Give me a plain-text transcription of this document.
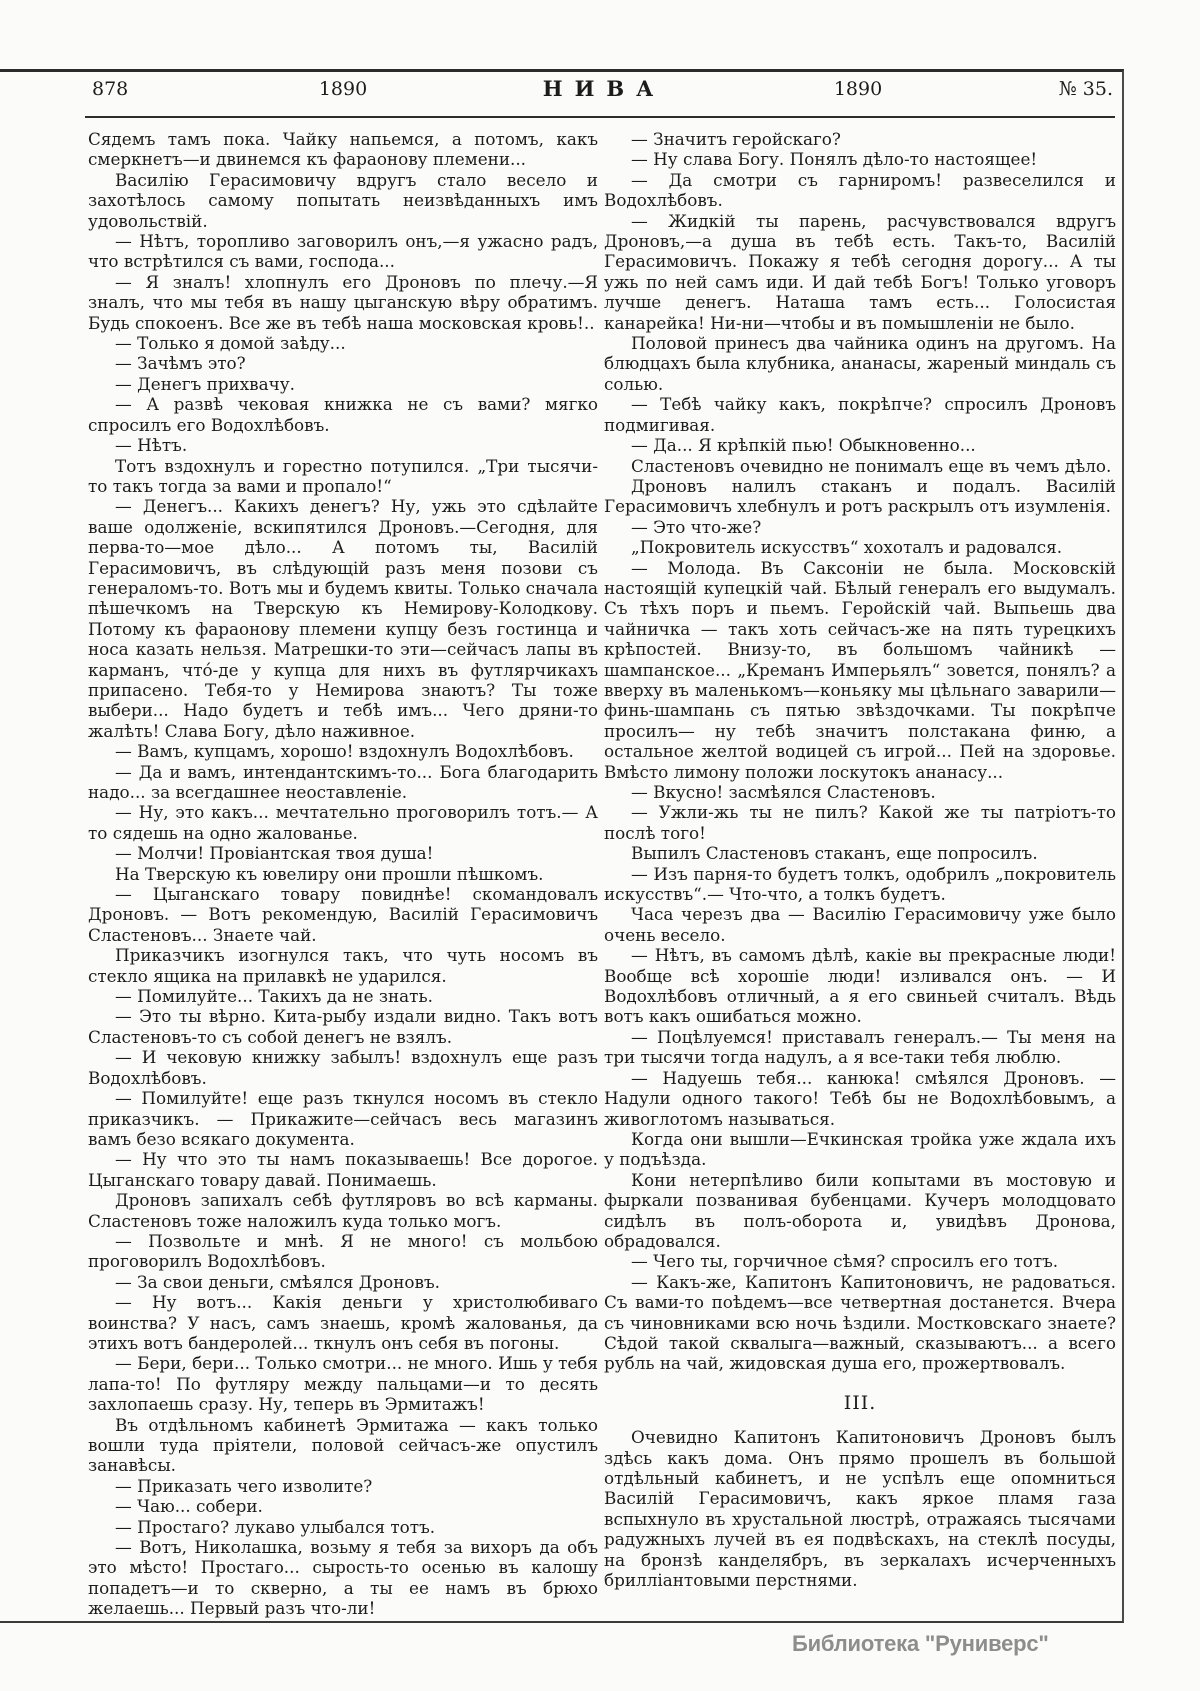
878	1890	НИВА	1890	№ 35.

Сядемъ тамъ пока. Чайку напьемся, а потомъ, какъ смеркнетъ—и двинемся къ фараонову племени...

Василію Герасимовичу вдругъ стало весело и захотѣлось самому попытать неизвѣданныхъ имъ удовольствій.

— Нѣтъ, торопливо заговорилъ онъ,—я ужасно радъ, что встрѣтился съ вами, господа...

— Я зналъ! хлопнулъ его Дроновъ по плечу.—Я зналъ, что мы тебя въ нашу цыганскую вѣру обратимъ. Будь спокоенъ. Все же въ тебѣ наша московская кровь!..

— Только я домой заѣду...

— Зачѣмъ это?

— Денегъ прихвачу.

— А развѣ чековая книжка не съ вами? мягко спросилъ его Водохлѣбовъ.

— Нѣтъ.

Тотъ вздохнулъ и горестно потупился. „Три тысячи-то такъ тогда за вами и пропало!“

— Денегъ... Какихъ денегъ? Ну, ужь это сдѣлайте ваше одолженіе, вскипятился Дроновъ.—Сегодня, для перва-то—мое дѣло... А потомъ ты, Василій Герасимовичъ, въ слѣдующій разъ меня позови съ генераломъ-то. Вотъ мы и будемъ квиты. Только сначала пѣшечкомъ на Тверскую къ Немирову-Колодкову. Потому къ фараонову племени купцу безъ гостинца и носа казать нельзя. Матрешки-то эти—сейчасъ лапы въ карманъ, что́-де у купца для нихъ въ футлярчикахъ припасено. Тебя-то у Немирова знаютъ? Ты тоже выбери... Надо будетъ и тебѣ имъ... Чего дряни-то жалѣть! Слава Богу, дѣло наживное.

— Вамъ, купцамъ, хорошо! вздохнулъ Водохлѣбовъ.

— Да и вамъ, интендантскимъ-то... Бога благодарить надо... за всегдашнее неоставленіе.

— Ну, это какъ... мечтательно проговорилъ тотъ.— А то сядешь на одно жалованье.

— Молчи! Провіантская твоя душа!

На Тверскую къ ювелиру они прошли пѣшкомъ.

— Цыганскаго товару повиднѣе! скомандовалъ Дроновъ. — Вотъ рекомендую, Василій Герасимовичъ Сластеновъ... Знаете чай.

Приказчикъ изогнулся такъ, что чуть носомъ въ стекло ящика на прилавкѣ не ударился.

— Помилуйте... Такихъ да не знать.

— Это ты вѣрно. Кита-рыбу издали видно. Такъ вотъ Сластеновъ-то съ собой денегъ не взялъ.

— И чековую книжку забылъ! вздохнулъ еще разъ Водохлѣбовъ.

— Помилуйте! еще разъ ткнулся носомъ въ стекло приказчикъ. — Прикажите—сейчасъ весь магазинъ вамъ безо всякаго документа.

— Ну что это ты намъ показываешь! Все дорогое. Цыганскаго товару давай. Понимаешь.

Дроновъ запихалъ себѣ футляровъ во всѣ карманы. Сластеновъ тоже наложилъ куда только могъ.

— Позвольте и мнѣ. Я не много! съ мольбою проговорилъ Водохлѣбовъ.

— За свои деньги, смѣялся Дроновъ.

— Ну вотъ... Какія деньги у христолюбиваго воинства? У насъ, самъ знаешь, кромѣ жалованья, да этихъ вотъ бандеролей... ткнулъ онъ себя въ погоны.

— Бери, бери... Только смотри... не много. Ишь у тебя лапа-то! По футляру между пальцами—и то десять захлопаешь сразу. Ну, теперь въ Эрмитажъ!

Въ отдѣльномъ кабинетѣ Эрмитажа — какъ только вошли туда пріятели, половой сейчасъ-же опустилъ занавѣсы.

— Приказать чего изволите?

— Чаю... собери.

— Простаго? лукаво улыбался тотъ.

— Вотъ, Николашка, возьму я тебя за вихоръ да объ это мѣсто! Простаго... сырость-то осенью въ калошу попадетъ—и то скверно, а ты ее намъ въ брюхо желаешь... Первый разъ что-ли!

— Значитъ геройскаго?

— Ну слава Богу. Понялъ дѣло-то настоящее!

— Да смотри съ гарниромъ! развеселился и Водохлѣбовъ.

— Жидкій ты парень, расчувствовался вдругъ Дроновъ,—а душа въ тебѣ есть. Такъ-то, Василій Герасимовичъ. Покажу я тебѣ сегодня дорогу... А ты ужь по ней самъ иди. И дай тебѣ Богъ! Только уговоръ лучше денегъ. Наташа тамъ есть... Голосистая канарейка! Ни-ни—чтобы и въ помышленіи не было.

Половой принесъ два чайника одинъ на другомъ. На блюдцахъ была клубника, ананасы, жареный миндаль съ солью.

— Тебѣ чайку какъ, покрѣпче? спросилъ Дроновъ подмигивая.

— Да... Я крѣпкій пью! Обыкновенно...

Сластеновъ очевидно не понималъ еще въ чемъ дѣло.

Дроновъ налилъ стаканъ и подалъ. Василій Герасимовичъ хлебнулъ и ротъ раскрылъ отъ изумленія.

— Это что-же?

„Покровитель искусствъ“ хохоталъ и радовался.

— Молода. Въ Саксоніи не была. Московскій настоящій купецкій чай. Бѣлый генералъ его выдумалъ. Съ тѣхъ поръ и пьемъ. Геройскій чай. Выпьешь два чайничка — такъ хоть сейчасъ-же на пять турецкихъ крѣпостей. Внизу-то, въ большомъ чайникѣ — шампанское... „Креманъ Имперьялъ“ зовется, понялъ? а вверху въ маленькомъ—коньяку мы цѣльнаго заварили—финь-шампань съ пятью звѣздочками. Ты покрѣпче просилъ— ну тебѣ значитъ полстакана финю, а остальное желтой водицей съ игрой... Пей на здоровье. Вмѣсто лимону положи лоскутокъ ананасу...

— Вкусно! засмѣялся Сластеновъ.

— Ужли-жь ты не пилъ? Какой же ты патріотъ-то послѣ того!

Выпилъ Сластеновъ стаканъ, еще попросилъ.

— Изъ парня-то будетъ толкъ, одобрилъ „покровитель искусствъ“.— Что-что, а толкъ будетъ.

Часа черезъ два — Василію Герасимовичу уже было очень весело.

— Нѣтъ, въ самомъ дѣлѣ, какіе вы прекрасные люди! Вообще всѣ хорошіе люди! изливался онъ. — И Водохлѣбовъ отличный, а я его свиньей считалъ. Вѣдь вотъ какъ ошибаться можно.

— Поцѣлуемся! приставалъ генералъ.— Ты меня на три тысячи тогда надулъ, а я все-таки тебя люблю.

— Надуешь тебя... канюка! смѣялся Дроновъ. — Надули одного такого! Тебѣ бы не Водохлѣбовымъ, а живоглотомъ называться.

Когда они вышли—Ечкинская тройка уже ждала ихъ у подъѣзда.

Кони нетерпѣливо били копытами въ мостовую и фыркали позванивая бубенцами. Кучеръ молодцовато сидѣлъ въ полъ-оборота и, увидѣвъ Дронова, обрадовался.

— Чего ты, горчичное сѣмя? спросилъ его тотъ.

— Какъ-же, Капитонъ Капитоновичъ, не радоваться. Съ вами-то поѣдемъ—все четвертная достанется. Вчера съ чиновниками всю ночь ѣздили. Мостковскаго знаете? Сѣдой такой сквалыга—важный, сказываютъ... а всего рубль на чай, жидовская душа его, прожертвовалъ.

III.

Очевидно Капитонъ Капитоновичъ Дроновъ былъ здѣсь какъ дома. Онъ прямо прошелъ въ большой отдѣльный кабинетъ, и не успѣлъ еще опомниться Василій Герасимовичъ, какъ яркое пламя газа вспыхнуло въ хрустальной люстрѣ, отражаясь тысячами радужныхъ лучей въ ея подвѣскахъ, на стеклѣ посуды, на бронзѣ канделябръ, въ зеркалахъ исчерченныхъ брилліантовыми перстнями.

Библиотека "Руниверс"
